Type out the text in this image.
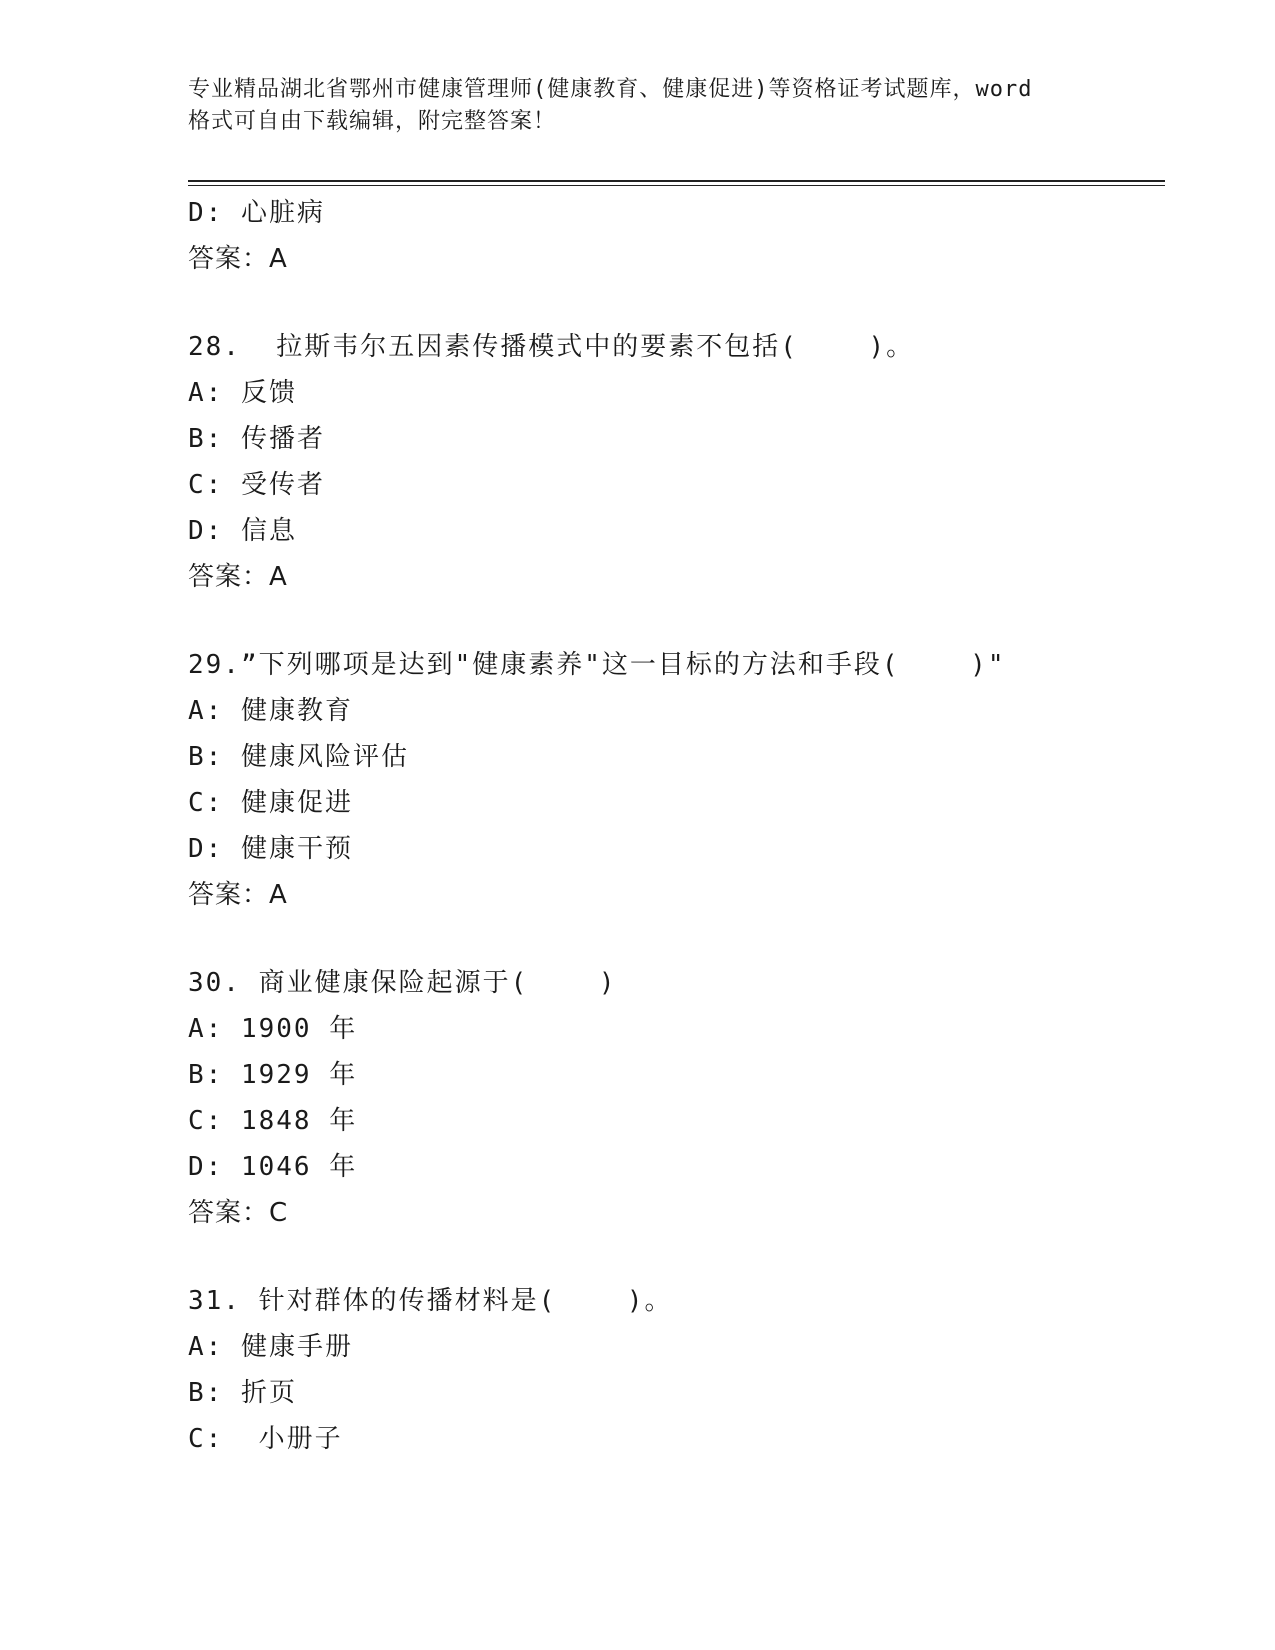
专业精品湖北省鄂州市健康管理师(健康教育、健康促进)等资格证考试题库，word
格式可自由下载编辑，附完整答案！
D: 心脏病
答案：A
28.  拉斯韦尔五因素传播模式中的要素不包括(    )。
A: 反馈
B: 传播者
C: 受传者
D: 信息
答案：A
29.”下列哪项是达到"健康素养"这一目标的方法和手段(    )"
A: 健康教育
B: 健康风险评估
C: 健康促进
D: 健康干预
答案：A
30. 商业健康保险起源于(    )
A: 1900 年
B: 1929 年
C: 1848 年
D: 1046 年
答案：C
31. 针对群体的传播材料是(    )。
A: 健康手册
B: 折页
C:  小册子
